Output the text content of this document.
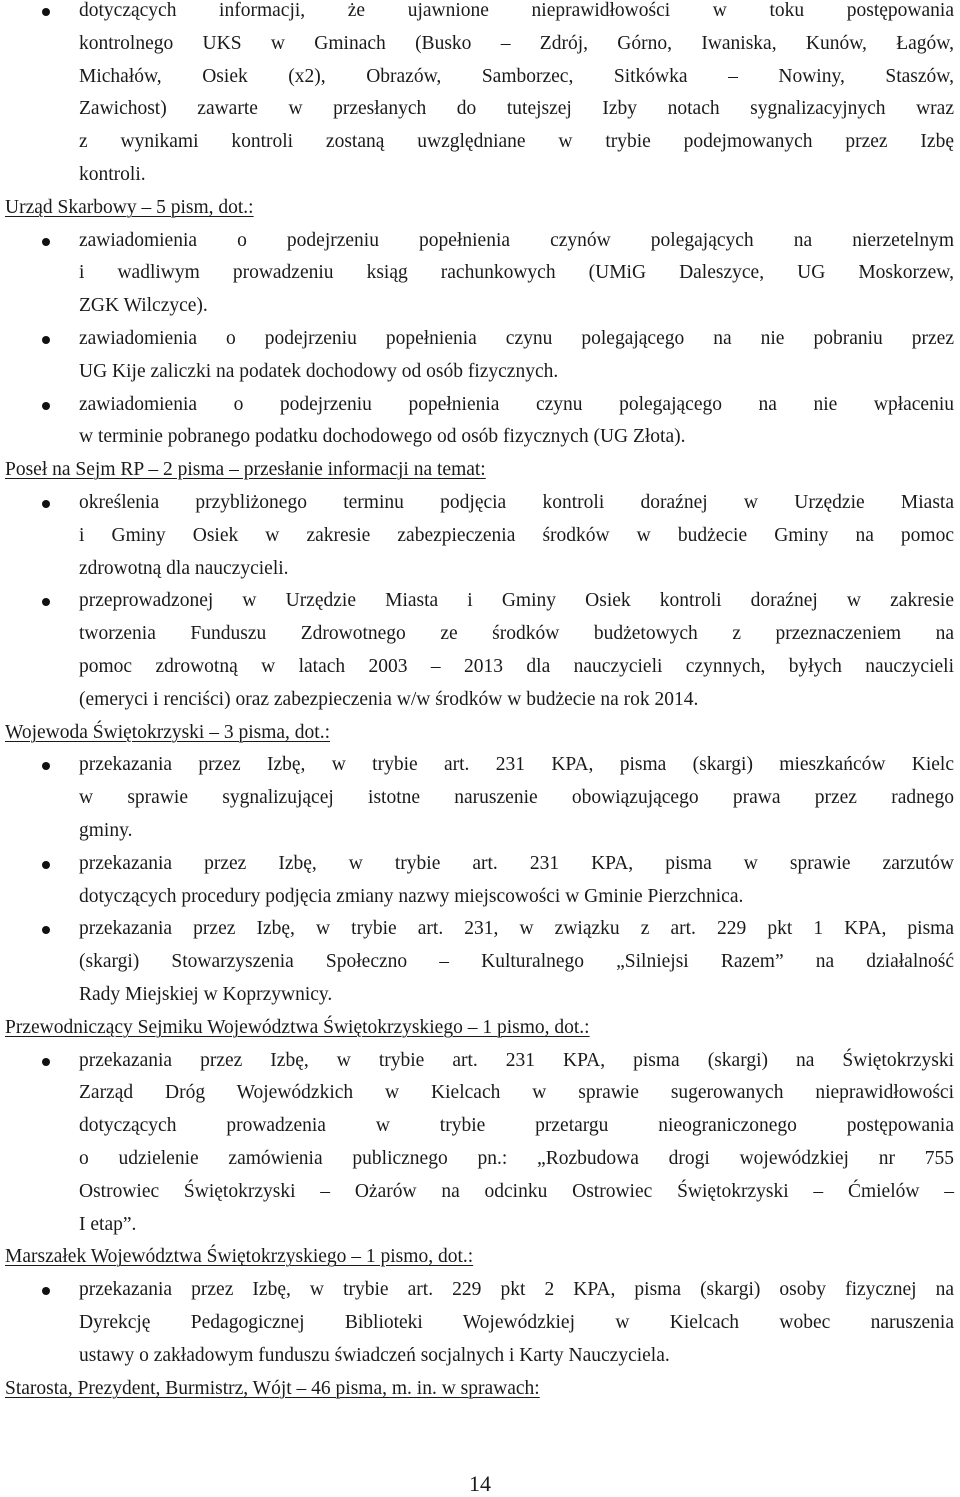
dotyczących informacji, że ujawnione nieprawidłowości w toku postępowania
kontrolnego UKS w Gminach (Busko – Zdrój, Górno, Iwaniska, Kunów, Łagów,
Michałów, Osiek (x2), Obrazów, Samborzec, Sitkówka – Nowiny, Staszów,
Zawichost) zawarte w przesłanych do tutejszej Izby notach sygnalizacyjnych wraz
z wynikami kontroli zostaną uwzględniane w trybie podejmowanych przez Izbę
kontroli.
Urząd Skarbowy – 5 pism, dot.:
zawiadomienia o podejrzeniu popełnienia czynów polegających na nierzetelnym
i wadliwym prowadzeniu ksiąg rachunkowych (UMiG Daleszyce, UG Moskorzew,
ZGK Wilczyce).
zawiadomienia o podejrzeniu popełnienia czynu polegającego na nie pobraniu przez
UG Kije zaliczki na podatek dochodowy od osób fizycznych.
zawiadomienia o podejrzeniu popełnienia czynu polegającego na nie wpłaceniu
w terminie pobranego podatku dochodowego od osób fizycznych (UG Złota).
Poseł na Sejm RP – 2 pisma – przesłanie informacji na temat:
określenia przybliżonego terminu podjęcia kontroli doraźnej w Urzędzie Miasta
i Gminy Osiek w zakresie zabezpieczenia środków w budżecie Gminy na pomoc
zdrowotną dla nauczycieli.
przeprowadzonej w Urzędzie Miasta i Gminy Osiek kontroli doraźnej w zakresie
tworzenia Funduszu Zdrowotnego ze środków budżetowych z przeznaczeniem na
pomoc zdrowotną w latach 2003 – 2013 dla nauczycieli czynnych, byłych nauczycieli
(emeryci i renciści) oraz zabezpieczenia w/w środków w budżecie na rok 2014.
Wojewoda Świętokrzyski – 3 pisma, dot.:
przekazania przez Izbę, w trybie art. 231 KPA, pisma (skargi) mieszkańców Kielc
w sprawie sygnalizującej istotne naruszenie obowiązującego prawa przez radnego
gminy.
przekazania przez Izbę, w trybie art. 231 KPA, pisma w sprawie zarzutów
dotyczących procedury podjęcia zmiany nazwy miejscowości w Gminie Pierzchnica.
przekazania przez Izbę, w trybie art. 231, w związku z art. 229 pkt 1 KPA, pisma
(skargi) Stowarzyszenia Społeczno – Kulturalnego „Silniejsi Razem” na działalność
Rady Miejskiej w Koprzywnicy.
Przewodniczący Sejmiku Województwa Świętokrzyskiego – 1 pismo, dot.:
przekazania przez Izbę, w trybie art. 231 KPA, pisma (skargi) na Świętokrzyski
Zarząd Dróg Wojewódzkich w Kielcach w sprawie sugerowanych nieprawidłowości
dotyczących prowadzenia w trybie przetargu nieograniczonego postępowania
o udzielenie zamówienia publicznego pn.: „Rozbudowa drogi wojewódzkiej nr 755
Ostrowiec Świętokrzyski – Ożarów na odcinku Ostrowiec Świętokrzyski – Ćmielów –
I etap”.
Marszałek Województwa Świętokrzyskiego – 1 pismo, dot.:
przekazania przez Izbę, w trybie art. 229 pkt 2 KPA, pisma (skargi) osoby fizycznej na
Dyrekcję Pedagogicznej Biblioteki Wojewódzkiej w Kielcach wobec naruszenia
ustawy o zakładowym funduszu świadczeń socjalnych i Karty Nauczyciela.
Starosta, Prezydent, Burmistrz, Wójt – 46 pisma, m. in. w sprawach:
14
